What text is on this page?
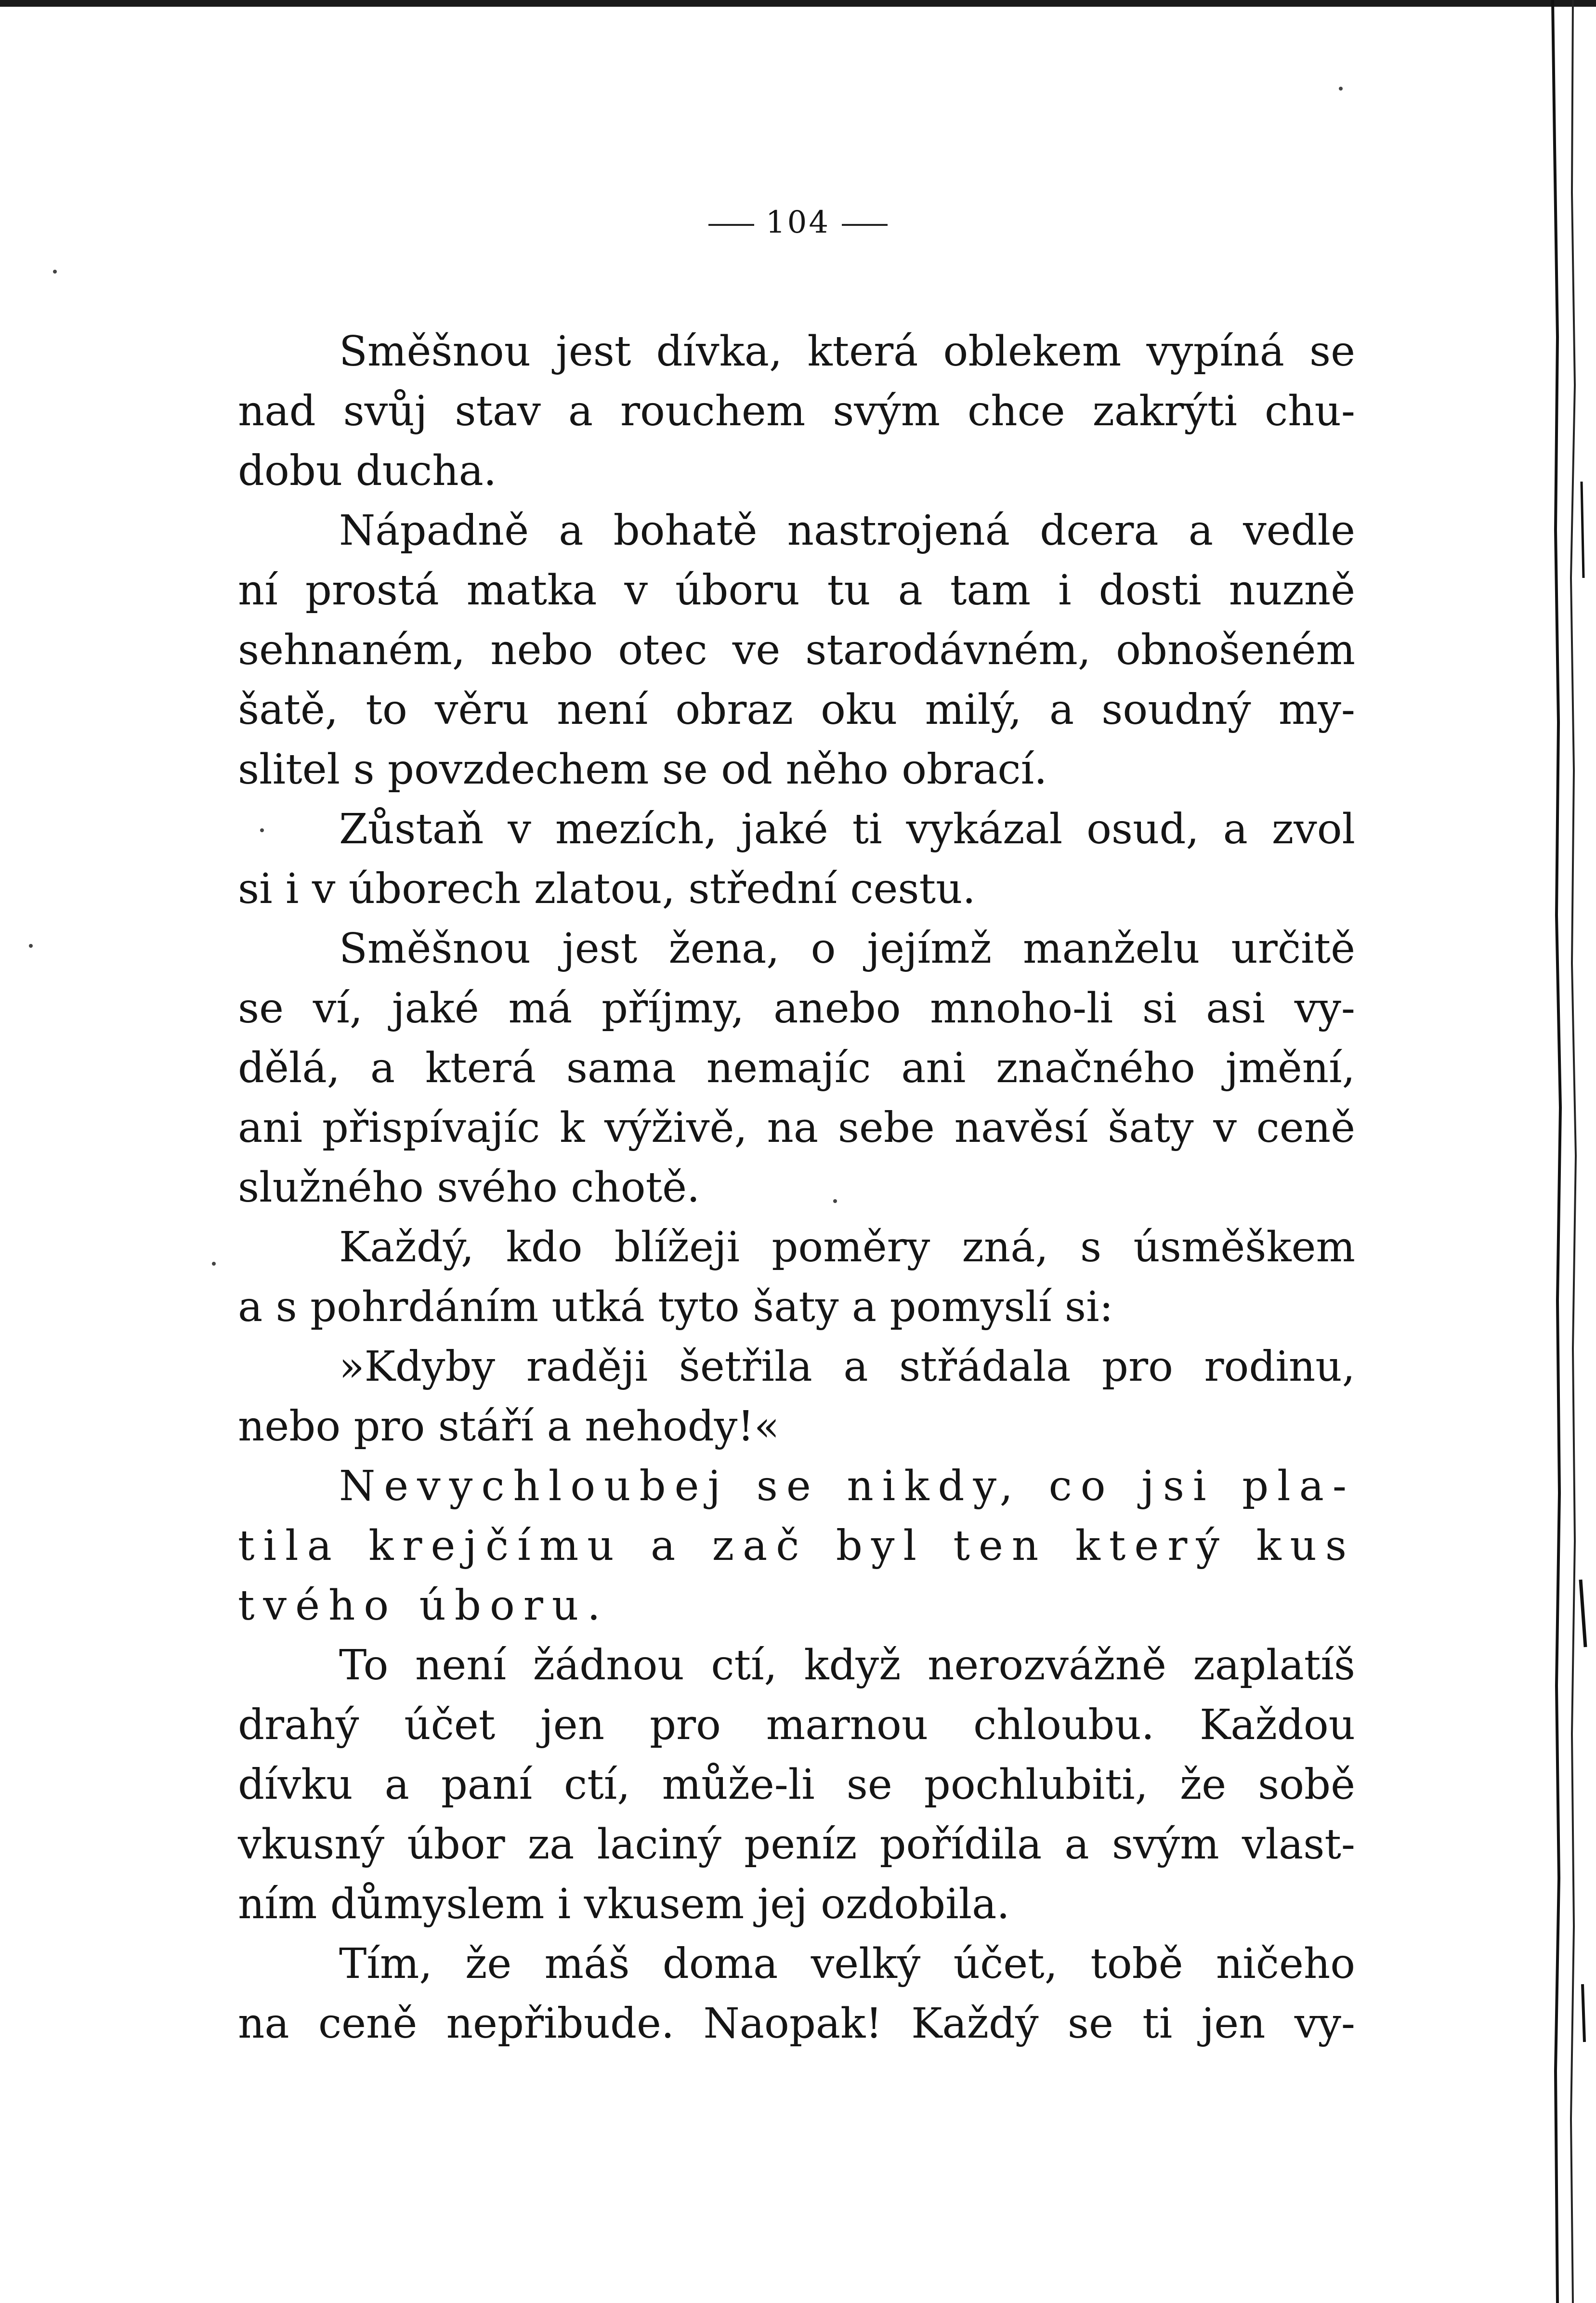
104
Směšnou jest dívka, která oblekem vypíná se
nad svůj stav a rouchem svým chce zakrýti chu-
dobu ducha.
Nápadně a bohatě nastrojená dcera a vedle
ní prostá matka v úboru tu a tam i dosti nuzně
sehnaném, nebo otec ve starodávném, obnošeném
šatě, to věru není obraz oku milý, a soudný my-
slitel s povzdechem se od něho obrací.
Zůstaň v mezích, jaké ti vykázal osud, a zvol
si i v úborech zlatou, střední cestu.
Směšnou jest žena, o jejímž manželu určitě
se ví, jaké má příjmy, anebo mnoho-li si asi vy-
dělá, a která sama nemajíc ani značného jmění,
ani přispívajíc k výživě, na sebe navěsí šaty v ceně
služného svého chotě.
Každý, kdo blížeji poměry zná, s úsměškem
a s pohrdáním utká tyto šaty a pomyslí si:
»Kdyby raději šetřila a střádala pro rodinu,
nebo pro stáří a nehody!«
Nevychloubej se nikdy, co jsi pla-
tila krejčímu a zač byl ten který kus
tvého úboru.
To není žádnou ctí, když nerozvážně zaplatíš
drahý účet jen pro marnou chloubu. Každou
dívku a paní ctí, může-li se pochlubiti, že sobě
vkusný úbor za laciný peníz pořídila a svým vlast-
ním důmyslem i vkusem jej ozdobila.
Tím, že máš doma velký účet, tobě ničeho
na ceně nepřibude. Naopak! Každý se ti jen vy-
